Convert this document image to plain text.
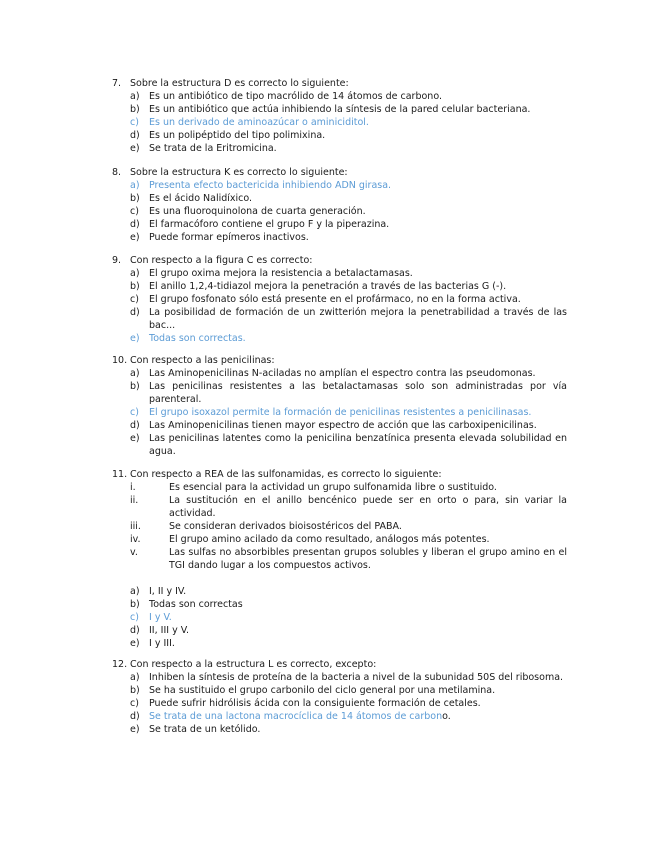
7. Sobre la estructura D es correcto lo siguiente:
a) Es un antibiótico de tipo macrólido de 14 átomos de carbono.
b) Es un antibiótico que actúa inhibiendo la síntesis de la pared celular bacteriana.
c)	Es un derivado de aminoazúcar o aminiciditol.
d) Es un polipéptido del tipo polimixina.
e) Se trata de la Eritromicina.
8. Sobre la estructura K es correcto lo siguiente:
a) Presenta efecto bactericida inhibiendo ADN girasa.
b) Es el ácido Nalidíxico.
c)	Es una fluoroquinolona de cuarta generación.
d) El farmacóforo contiene el grupo F y la piperazina.
e) Puede formar epímeros inactivos.
9. Con respecto a la figura C es correcto:
a) El grupo oxima mejora la resistencia a betalactamasas.
b) El anillo 1,2,4-tidiazol mejora la penetración a través de las bacterias G (-).
c)	El grupo fosfonato sólo está presente en el profármaco, no en la forma activa.
d) La posibilidad de formación de un zwitterión mejora la penetrabilidad a través de las bac...
e) Todas son correctas.
10. Con respecto a las penicilinas:
a) Las Aminopenicilinas N-aciladas no amplían el espectro contra las pseudomonas.
b) Las penicilinas resistentes a las betalactamasas solo son administradas por vía parenteral.
c)	El grupo isoxazol permite la formación de penicilinas resistentes a penicilinasas.
d) Las Aminopenicilinas tienen mayor espectro de acción que las carboxipenicilinas.
e) Las penicilinas latentes como la penicilina benzatínica presenta elevada solubilidad en agua.
11. Con respecto a REA de las sulfonamidas, es correcto lo siguiente:
i.	Es esencial para la actividad un grupo sulfonamida libre o sustituido.
ii.	La sustitución en el anillo bencénico puede ser en orto o para, sin variar la actividad.
iii.	Se consideran derivados bioisostéricos del PABA.
iv.	El grupo amino acilado da como resultado, análogos más potentes.
v.	Las sulfas no absorbibles presentan grupos solubles y liberan el grupo amino en el TGI dando lugar a los compuestos activos.
a) I, II y IV.
b) Todas son correctas
c)	I y V.
d) II, III y V.
e) I y III.
12. Con respecto a la estructura L es correcto, excepto:
a) Inhiben la síntesis de proteína de la bacteria a nivel de la subunidad 50S del ribosoma.
b) Se ha sustituido el grupo carbonilo del ciclo general por una metilamina.
c)	Puede sufrir hidrólisis ácida con la consiguiente formación de cetales.
d) Se trata de una lactona macrocíclica de 14 átomos de carbono.
e) Se trata de un ketólido.
